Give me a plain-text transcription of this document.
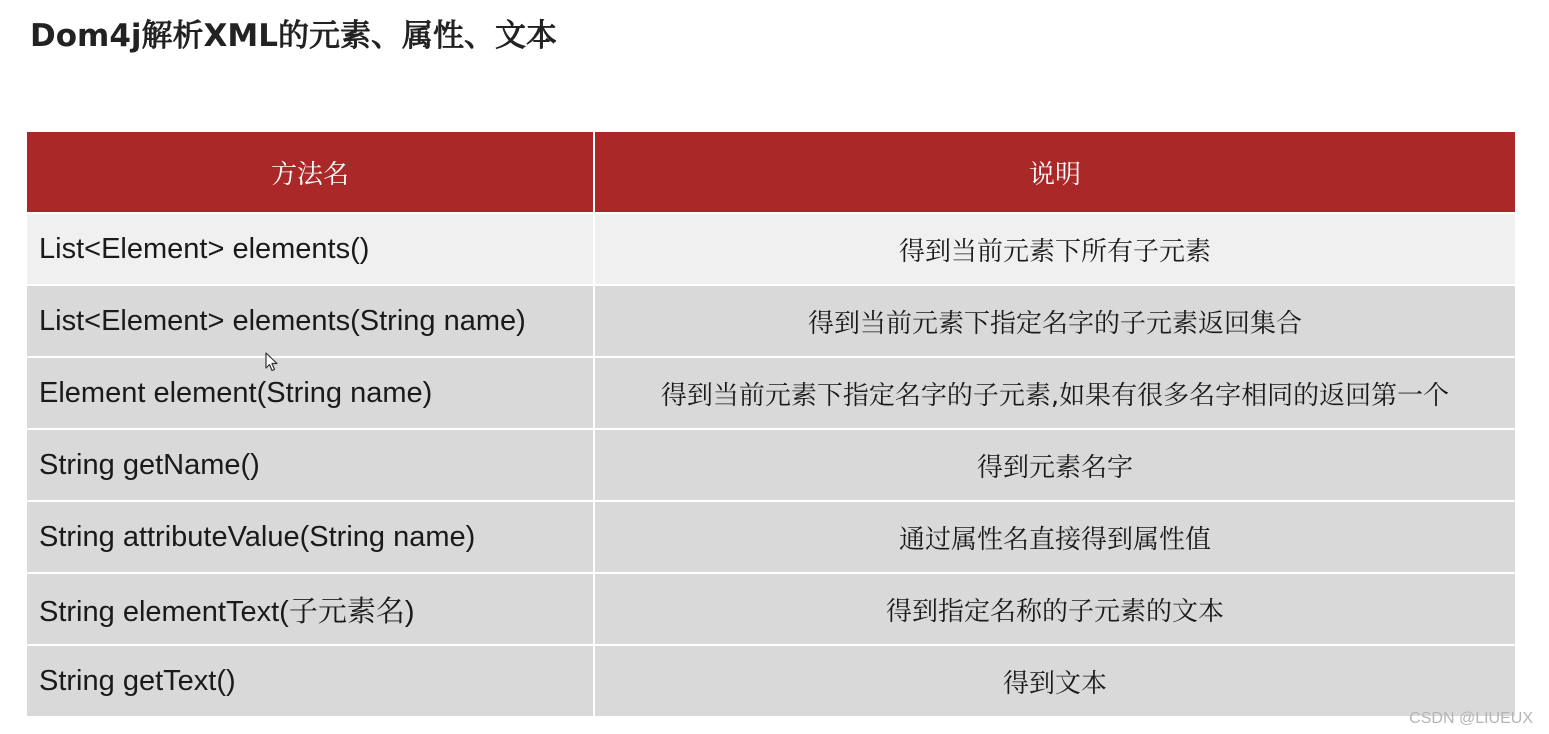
Dom4j解析XML的元素、属性、文本
方法名	说明
List<Element> elements()	得到当前元素下所有子元素
List<Element> elements(String name)	得到当前元素下指定名字的子元素返回集合
Element element(String name)	得到当前元素下指定名字的子元素,如果有很多名字相同的返回第一个
String getName()	得到元素名字
String attributeValue(String name)	通过属性名直接得到属性值
String elementText(子元素名)	得到指定名称的子元素的文本
String getText()	得到文本
CSDN @LIUEUX
